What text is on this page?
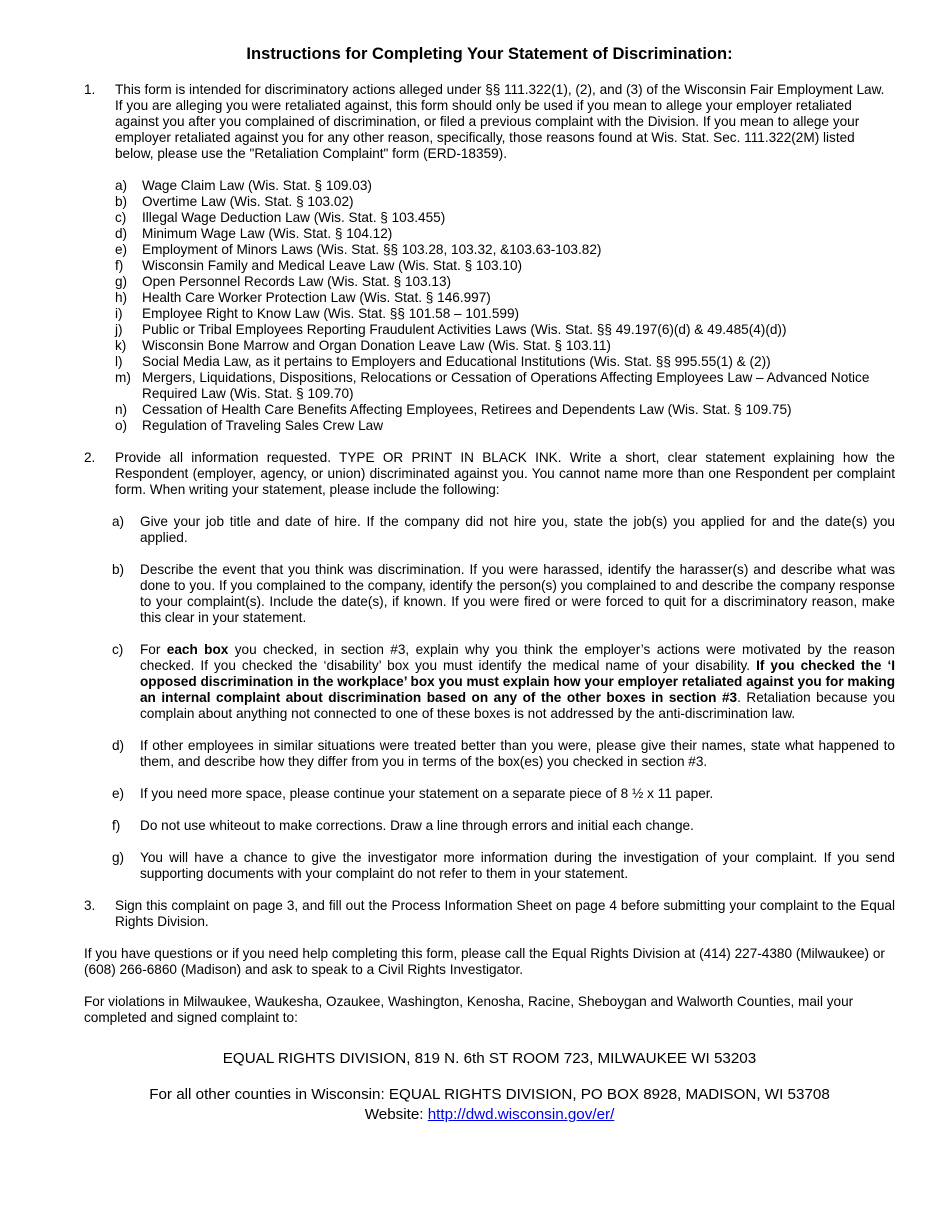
Instructions for Completing Your Statement of Discrimination:
1. This form is intended for discriminatory actions alleged under §§ 111.322(1), (2), and (3) of the Wisconsin Fair Employment Law. If you are alleging you were retaliated against, this form should only be used if you mean to allege your employer retaliated against you after you complained of discrimination, or filed a previous complaint with the Division. If you mean to allege your employer retaliated against you for any other reason, specifically, those reasons found at Wis. Stat. Sec. 111.322(2M) listed below, please use the "Retaliation Complaint" form (ERD-18359).
a) Wage Claim Law (Wis. Stat. § 109.03)
b) Overtime Law (Wis. Stat. § 103.02)
c) Illegal Wage Deduction Law (Wis. Stat. § 103.455)
d) Minimum Wage Law (Wis. Stat. § 104.12)
e) Employment of Minors Laws (Wis. Stat. §§ 103.28, 103.32, &103.63-103.82)
f) Wisconsin Family and Medical Leave Law (Wis. Stat. § 103.10)
g) Open Personnel Records Law (Wis. Stat. § 103.13)
h) Health Care Worker Protection Law (Wis. Stat. § 146.997)
i) Employee Right to Know Law (Wis. Stat. §§ 101.58 – 101.599)
j) Public or Tribal Employees Reporting Fraudulent Activities Laws (Wis. Stat. §§ 49.197(6)(d) & 49.485(4)(d))
k) Wisconsin Bone Marrow and Organ Donation Leave Law (Wis. Stat. § 103.11)
l) Social Media Law, as it pertains to Employers and Educational Institutions (Wis. Stat. §§ 995.55(1) & (2))
m) Mergers, Liquidations, Dispositions, Relocations or Cessation of Operations Affecting Employees Law – Advanced Notice Required Law (Wis. Stat. § 109.70)
n) Cessation of Health Care Benefits Affecting Employees, Retirees and Dependents Law (Wis. Stat. § 109.75)
o) Regulation of Traveling Sales Crew Law
2. Provide all information requested. TYPE OR PRINT IN BLACK INK. Write a short, clear statement explaining how the Respondent (employer, agency, or union) discriminated against you. You cannot name more than one Respondent per complaint form. When writing your statement, please include the following:
a) Give your job title and date of hire. If the company did not hire you, state the job(s) you applied for and the date(s) you applied.
b) Describe the event that you think was discrimination. If you were harassed, identify the harasser(s) and describe what was done to you. If you complained to the company, identify the person(s) you complained to and describe the company response to your complaint(s). Include the date(s), if known. If you were fired or were forced to quit for a discriminatory reason, make this clear in your statement.
c) For each box you checked, in section #3, explain why you think the employer’s actions were motivated by the reason checked. If you checked the ‘disability’ box you must identify the medical name of your disability. If you checked the ‘I opposed discrimination in the workplace’ box you must explain how your employer retaliated against you for making an internal complaint about discrimination based on any of the other boxes in section #3. Retaliation because you complain about anything not connected to one of these boxes is not addressed by the anti-discrimination law.
d) If other employees in similar situations were treated better than you were, please give their names, state what happened to them, and describe how they differ from you in terms of the box(es) you checked in section #3.
e) If you need more space, please continue your statement on a separate piece of 8 ½ x 11 paper.
f) Do not use whiteout to make corrections. Draw a line through errors and initial each change.
g) You will have a chance to give the investigator more information during the investigation of your complaint. If you send supporting documents with your complaint do not refer to them in your statement.
3. Sign this complaint on page 3, and fill out the Process Information Sheet on page 4 before submitting your complaint to the Equal Rights Division.

If you have questions or if you need help completing this form, please call the Equal Rights Division at (414) 227-4380 (Milwaukee) or (608) 266-6860 (Madison) and ask to speak to a Civil Rights Investigator.

For violations in Milwaukee, Waukesha, Ozaukee, Washington, Kenosha, Racine, Sheboygan and Walworth Counties, mail your completed and signed complaint to:

EQUAL RIGHTS DIVISION, 819 N. 6th ST ROOM 723, MILWAUKEE WI 53203

For all other counties in Wisconsin: EQUAL RIGHTS DIVISION, PO BOX 8928, MADISON, WI 53708

Website: http://dwd.wisconsin.gov/er/
